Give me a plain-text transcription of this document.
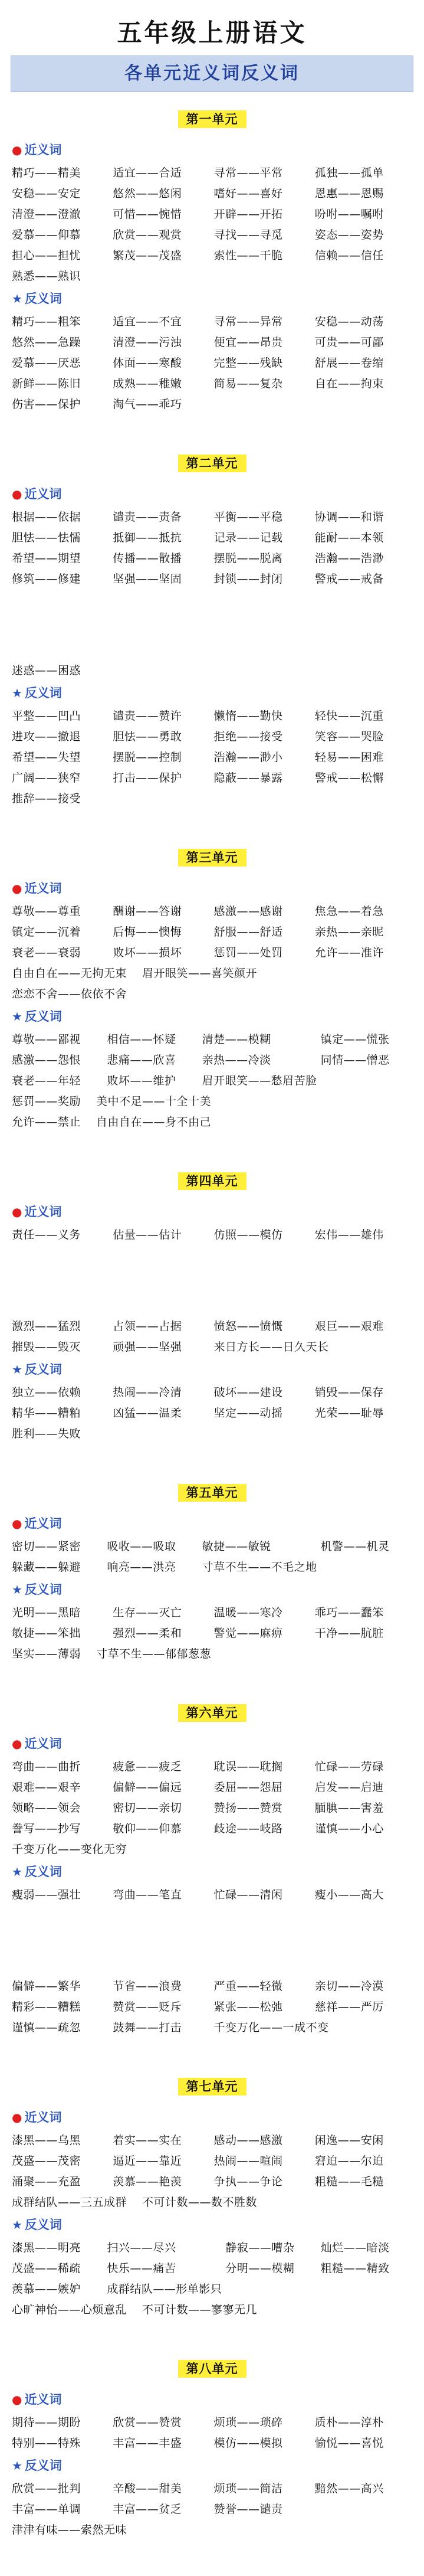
五年级上册语文
各单元近义词反义词
第一单元
● 近义词
精巧——精美	适宜——合适	寻常——平常	孤独——孤单
安稳——安定	悠然——悠闲	嗜好——喜好	恩惠——恩赐
清澄——澄澈	可惜——惋惜	开辟——开拓	吩咐——嘱咐
爱慕——仰慕	欣赏——观赏	寻找——寻觅	姿态——姿势
担心——担忧	繁茂——茂盛	索性——干脆	信赖——信任
熟悉——熟识
★ 反义词
精巧——粗笨	适宜——不宜	寻常——异常	安稳——动荡
悠然——急躁	清澄——污浊	便宜——昂贵	可贵——可鄙
爱慕——厌恶	体面——寒酸	完整——残缺	舒展——卷缩
新鲜——陈旧	成熟——稚嫩	简易——复杂	自在——拘束
伤害——保护	淘气——乖巧
第二单元
● 近义词
根据——依据	谴责——责备	平衡——平稳	协调——和谐
胆怯——怯懦	抵御——抵抗	记录——记载	能耐——本领
希望——期望	传播——散播	摆脱——脱离	浩瀚——浩渺
修筑——修建	坚强——坚固	封锁——封闭	警戒——戒备
迷惑——困惑
★ 反义词
平整——凹凸	谴责——赞许	懒惰——勤快	轻快——沉重
进攻——撤退	胆怯——勇敢	拒绝——接受	笑容——哭脸
希望——失望	摆脱——控制	浩瀚——渺小	轻易——困难
广阔——狭窄	打击——保护	隐蔽——暴露	警戒——松懈
推辞——接受
第三单元
● 近义词
尊敬——尊重	酬谢——答谢	感激——感谢	焦急——着急
镇定——沉着	后悔——懊悔	舒服——舒适	亲热——亲昵
衰老——衰弱	败坏——损坏	惩罚——处罚	允许——准许
自由自在——无拘无束 眉开眼笑——喜笑颜开
恋恋不舍——依依不舍
★ 反义词
尊敬——鄙视	相信——怀疑	清楚——模糊	镇定——慌张
感激——怨恨	悲痛——欣喜	亲热——冷淡	同情——憎恶
衰老——年轻	败坏——维护	眉开眼笑——愁眉苦脸
惩罚——奖励 美中不足——十全十美
允许——禁止 自由自在——身不由己
第四单元
● 近义词
责任——义务	估量——估计	仿照——模仿	宏伟——雄伟
激烈——猛烈	占领——占据	愤怒——愤慨	艰巨——艰难
摧毁——毁灭	顽强——坚强	来日方长——日久天长
★ 反义词
独立——依赖	热闹——冷清	破坏——建设	销毁——保存
精华——糟粕	凶猛——温柔	坚定——动摇	光荣——耻辱
胜利——失败
第五单元
● 近义词
密切——紧密	吸收——吸取	敏捷——敏锐	机警——机灵
躲藏——躲避	响亮——洪亮	寸草不生——不毛之地
★ 反义词
光明——黑暗	生存——灭亡	温暖——寒冷	乖巧——蠢笨
敏捷——笨拙	强烈——柔和	警觉——麻痹	干净——肮脏
坚实——薄弱 寸草不生——郁郁葱葱
第六单元
● 近义词
弯曲——曲折	疲惫——疲乏	耽误——耽搁	忙碌——劳碌
艰难——艰辛	偏僻——偏远	委屈——怨屈	启发——启迪
领略——领会	密切——亲切	赞扬——赞赏	腼腆——害羞
誊写——抄写	敬仰——仰慕	歧途——岐路	谨慎——小心
千变万化——变化无穷
★ 反义词
瘦弱——强壮	弯曲——笔直	忙碌——清闲	瘦小——高大
偏僻——繁华	节省——浪费	严重——轻微	亲切——冷漠
精彩——糟糕	赞赏——贬斥	紧张——松弛	慈祥——严厉
谨慎——疏忽	鼓舞——打击	千变万化——一成不变
第七单元
● 近义词
漆黑——乌黑	着实——实在	感动——感激	闲逸——安闲
茂盛——茂密	逼近——靠近	热闹——喧闹	窘迫——尔迫
涌聚——充盈	羡慕——艳羡	争执——争论	粗糙——毛糙
成群结队——三五成群 不可计数——数不胜数
★ 反义词
漆黑——明亮	扫兴——尽兴	静寂——嘈杂	灿烂——暗淡
茂盛——稀疏	快乐——痛苦	分明——模糊	粗糙——精致
羡慕——嫉妒	成群结队——形单影只
心旷神怡——心烦意乱 不可计数——寥寥无几
第八单元
● 近义词
期待——期盼	欣赏——赞赏	烦琐——琐碎	质朴——淳朴
特别——特殊	丰富——丰盛	模仿——模拟	愉悦——喜悦
★ 反义词
欣赏——批判	辛酸——甜美	烦琐——简洁	黯然——高兴
丰富——单调	丰富——贫乏	赞誉——谴责
津津有味——索然无味
